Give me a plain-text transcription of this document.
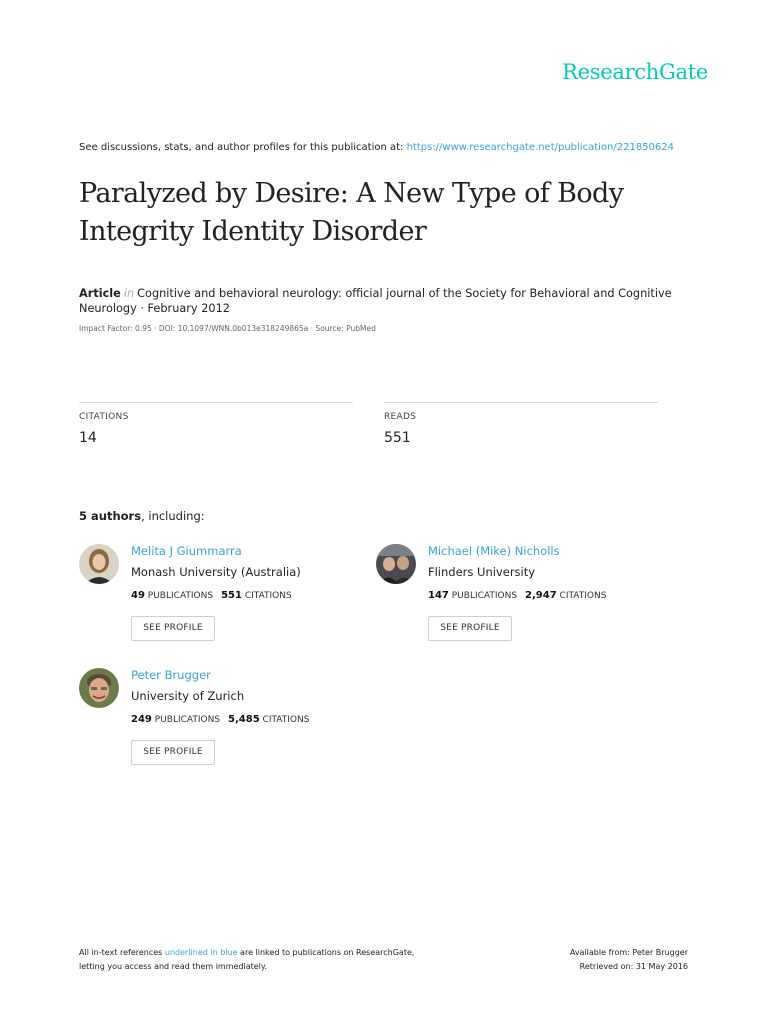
ResearchGate
See discussions, stats, and author profiles for this publication at: https://www.researchgate.net/publication/221850624
Paralyzed by Desire: A New Type of Body Integrity Identity Disorder
Article in Cognitive and behavioral neurology: official journal of the Society for Behavioral and Cognitive Neurology · February 2012
Impact Factor: 0.95 · DOI: 10.1097/WNN.0b013e318249865a · Source: PubMed
CITATIONS
14
READS
551
5 authors, including:
Melita J Giummarra
Monash University (Australia)
49 PUBLICATIONS 551 CITATIONS
SEE PROFILE
Michael (Mike) Nicholls
Flinders University
147 PUBLICATIONS 2,947 CITATIONS
SEE PROFILE
Peter Brugger
University of Zurich
249 PUBLICATIONS 5,485 CITATIONS
SEE PROFILE
All in-text references underlined in blue are linked to publications on ResearchGate,
letting you access and read them immediately.
Available from: Peter Brugger
Retrieved on: 31 May 2016
